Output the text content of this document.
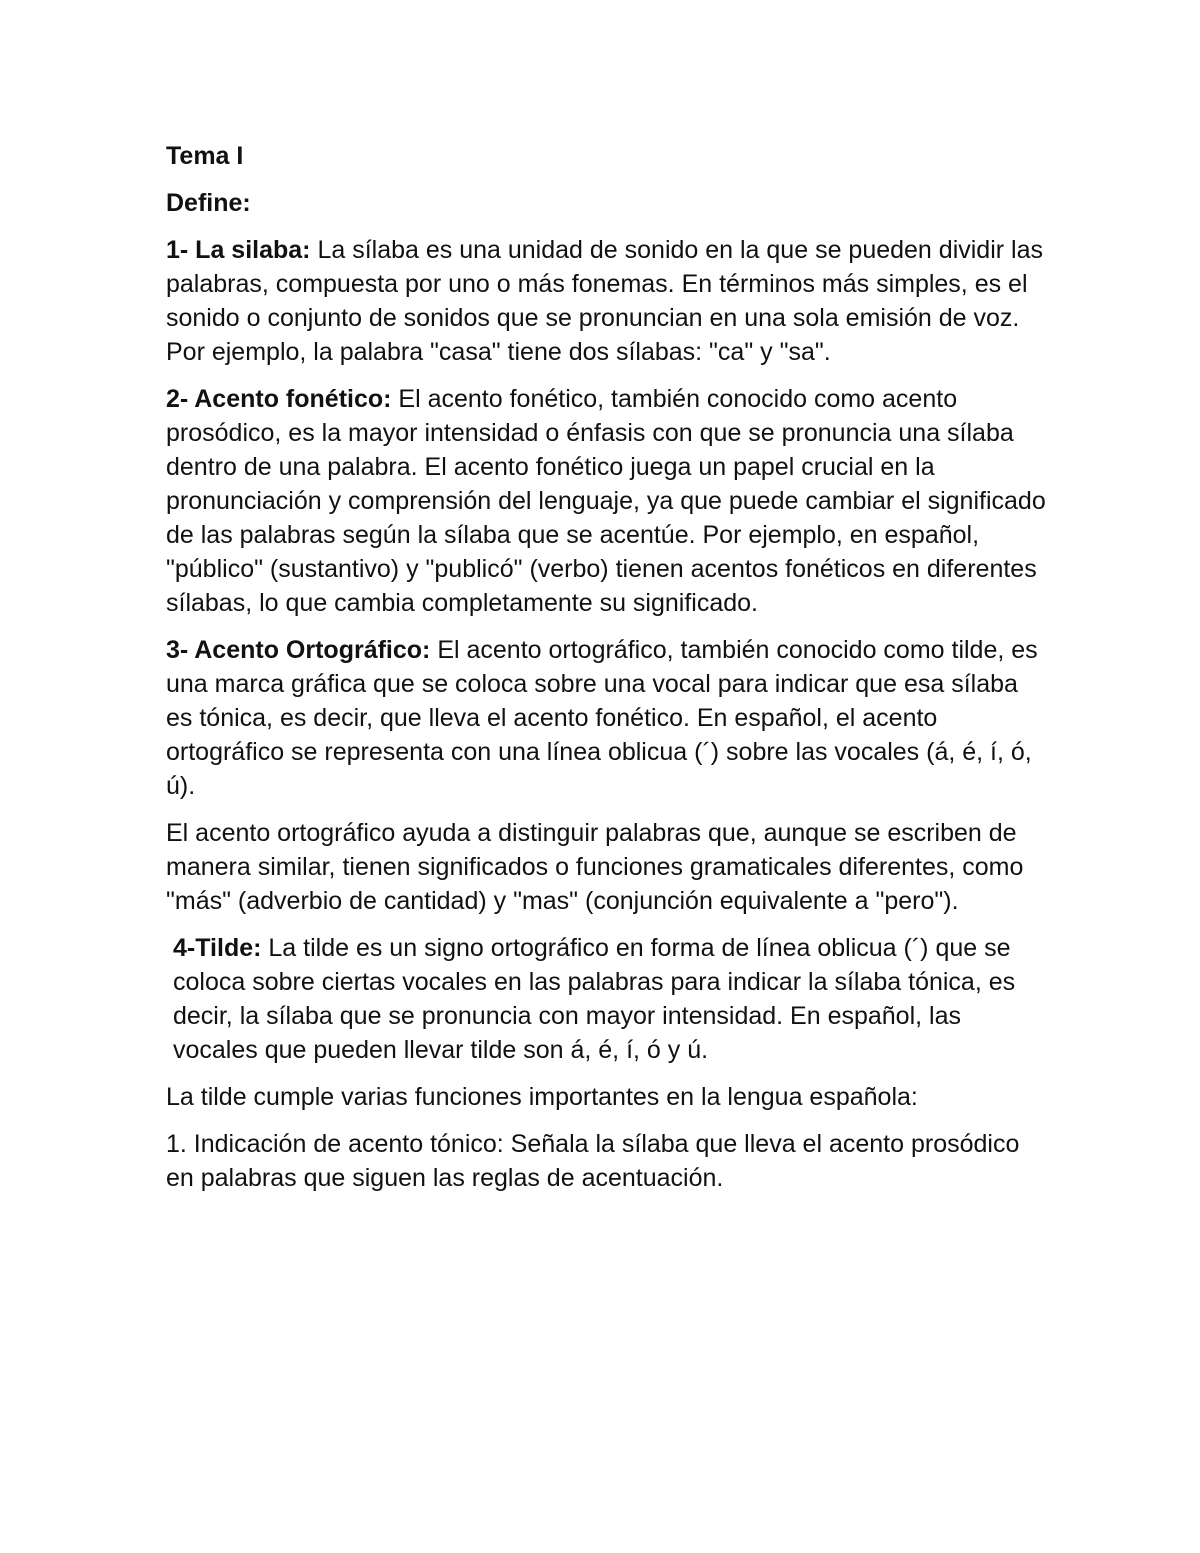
Tema I

Define:

1- La silaba: La sílaba es una unidad de sonido en la que se pueden dividir las palabras, compuesta por uno o más fonemas. En términos más simples, es el sonido o conjunto de sonidos que se pronuncian en una sola emisión de voz. Por ejemplo, la palabra "casa" tiene dos sílabas: "ca" y "sa".

2- Acento fonético: El acento fonético, también conocido como acento prosódico, es la mayor intensidad o énfasis con que se pronuncia una sílaba dentro de una palabra. El acento fonético juega un papel crucial en la pronunciación y comprensión del lenguaje, ya que puede cambiar el significado de las palabras según la sílaba que se acentúe. Por ejemplo, en español, "público" (sustantivo) y "publicó" (verbo) tienen acentos fonéticos en diferentes sílabas, lo que cambia completamente su significado.

3- Acento Ortográfico: El acento ortográfico, también conocido como tilde, es una marca gráfica que se coloca sobre una vocal para indicar que esa sílaba es tónica, es decir, que lleva el acento fonético. En español, el acento ortográfico se representa con una línea oblicua (´) sobre las vocales (á, é, í, ó, ú).

El acento ortográfico ayuda a distinguir palabras que, aunque se escriben de manera similar, tienen significados o funciones gramaticales diferentes, como "más" (adverbio de cantidad) y "mas" (conjunción equivalente a "pero").

4-Tilde: La tilde es un signo ortográfico en forma de línea oblicua (´) que se coloca sobre ciertas vocales en las palabras para indicar la sílaba tónica, es decir, la sílaba que se pronuncia con mayor intensidad. En español, las vocales que pueden llevar tilde son á, é, í, ó y ú.

La tilde cumple varias funciones importantes en la lengua española:

1. Indicación de acento tónico: Señala la sílaba que lleva el acento prosódico en palabras que siguen las reglas de acentuación.
